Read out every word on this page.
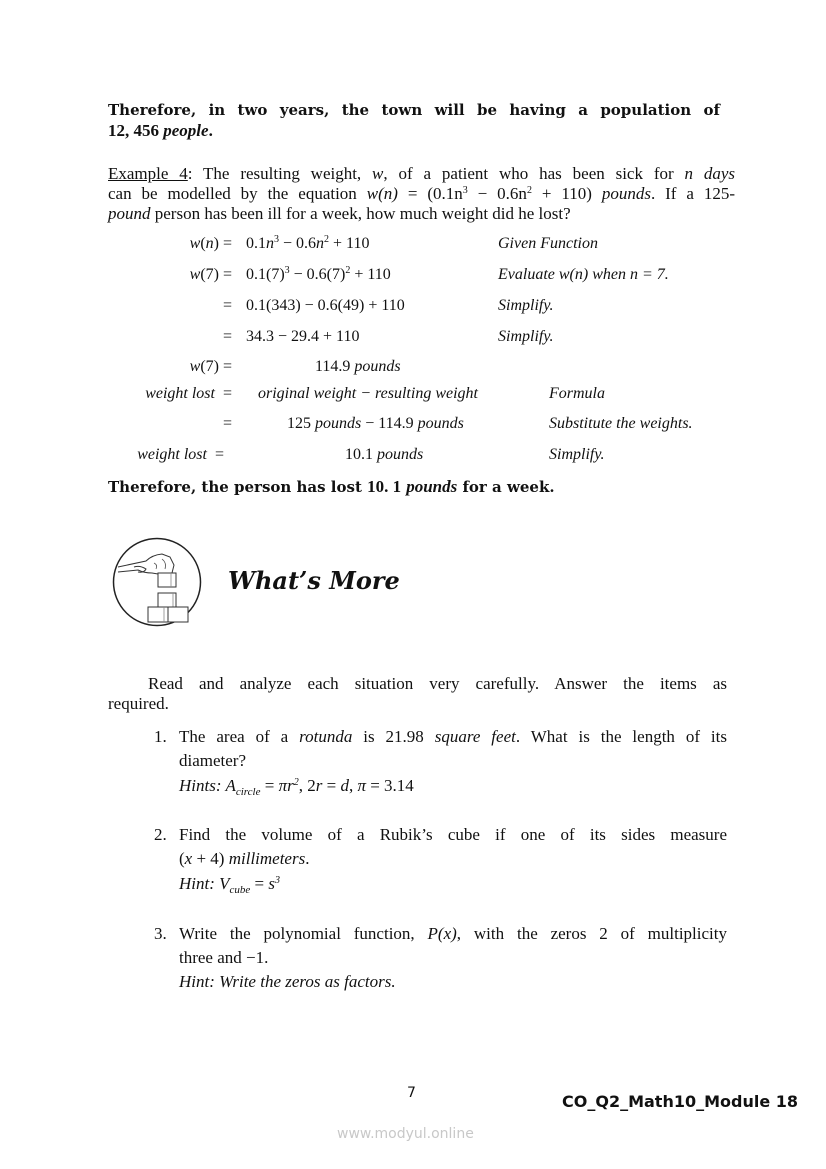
Therefore, in two years, the town will be having a population of
12, 456 people.
Example 4: The resulting weight, w, of a patient who has been sick for n days
can be modelled by the equation $w(n) = (0.1n^3 - 0.6n^2 + 110)$ pounds. If a 125-
pound person has been ill for a week, how much weight did he lost?
$w(n) = 0.1n^3 - 0.6n^2 + 110$	Given Function
$w(7) = 0.1(7)^3 - 0.6(7)^2 + 110$	Evaluate w(n) when n = 7.
= 0.1(343) − 0.6(49) + 110	Simplify.
= 34.3 − 29.4 + 110	Simplify.
w(7) =	114.9 pounds
weight lost  = original weight − resulting weight	Formula
=	125 pounds − 114.9 pounds	Substitute the weights.
weight lost  =	10.1 pounds	Simplify.
Therefore, the person has lost 10. 1 pounds for a week.
What’s More
Read and analyze each situation very carefully. Answer the items as
required.
1. The area of a rotunda is 21.98 square feet. What is the length of its
diameter?
Hints: $A_{circle} = \pi r^2$, 2r = d, π = 3.14
2. Find the volume of a Rubik’s cube if one of its sides measure
(x + 4) millimeters.
Hint: $V_{cube} = s^3$
3. Write the polynomial function, P(x), with the zeros 2 of multiplicity
three and −1.
Hint: Write the zeros as factors.
7	CO_Q2_Math10_Module 18
www.modyul.online
